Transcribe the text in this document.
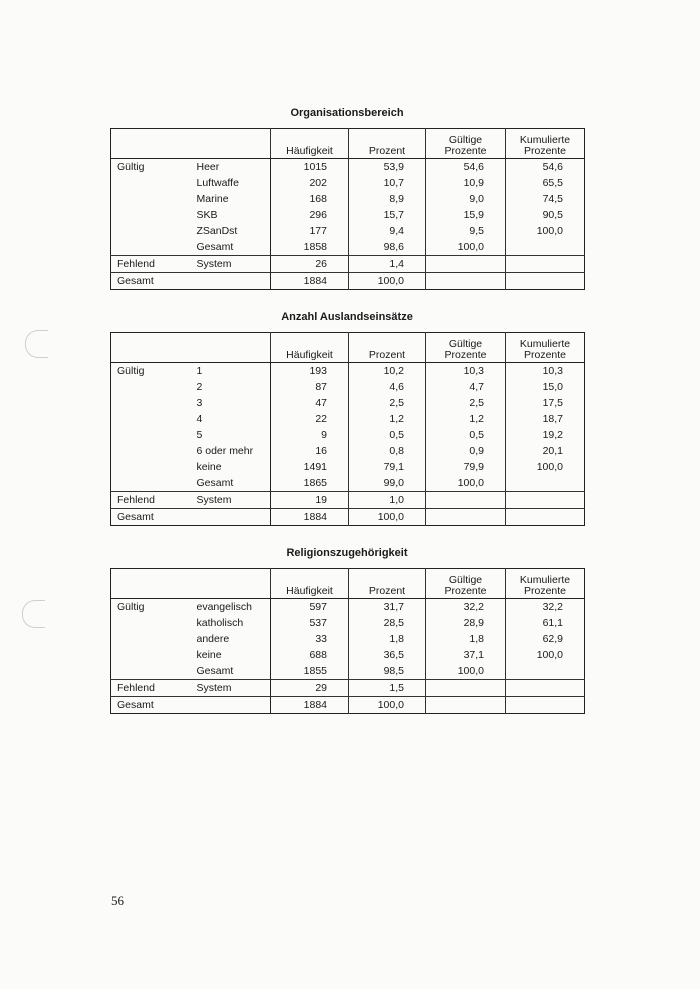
Organisationsbereich
		Häufigkeit	Prozent	Gültige Prozente	Kumulierte Prozente
Gültig	Heer	1015	53,9	54,6	54,6
	Luftwaffe	202	10,7	10,9	65,5
	Marine	168	8,9	9,0	74,5
	SKB	296	15,7	15,9	90,5
	ZSanDst	177	9,4	9,5	100,0
	Gesamt	1858	98,6	100,0	
Fehlend	System	26	1,4		
Gesamt		1884	100,0		
Anzahl Auslandseinsätze
		Häufigkeit	Prozent	Gültige Prozente	Kumulierte Prozente
Gültig	1	193	10,2	10,3	10,3
	2	87	4,6	4,7	15,0
	3	47	2,5	2,5	17,5
	4	22	1,2	1,2	18,7
	5	9	0,5	0,5	19,2
	6 oder mehr	16	0,8	0,9	20,1
	keine	1491	79,1	79,9	100,0
	Gesamt	1865	99,0	100,0	
Fehlend	System	19	1,0		
Gesamt		1884	100,0		
Religionszugehörigkeit
		Häufigkeit	Prozent	Gültige Prozente	Kumulierte Prozente
Gültig	evangelisch	597	31,7	32,2	32,2
	katholisch	537	28,5	28,9	61,1
	andere	33	1,8	1,8	62,9
	keine	688	36,5	37,1	100,0
	Gesamt	1855	98,5	100,0	
Fehlend	System	29	1,5		
Gesamt		1884	100,0		
56
